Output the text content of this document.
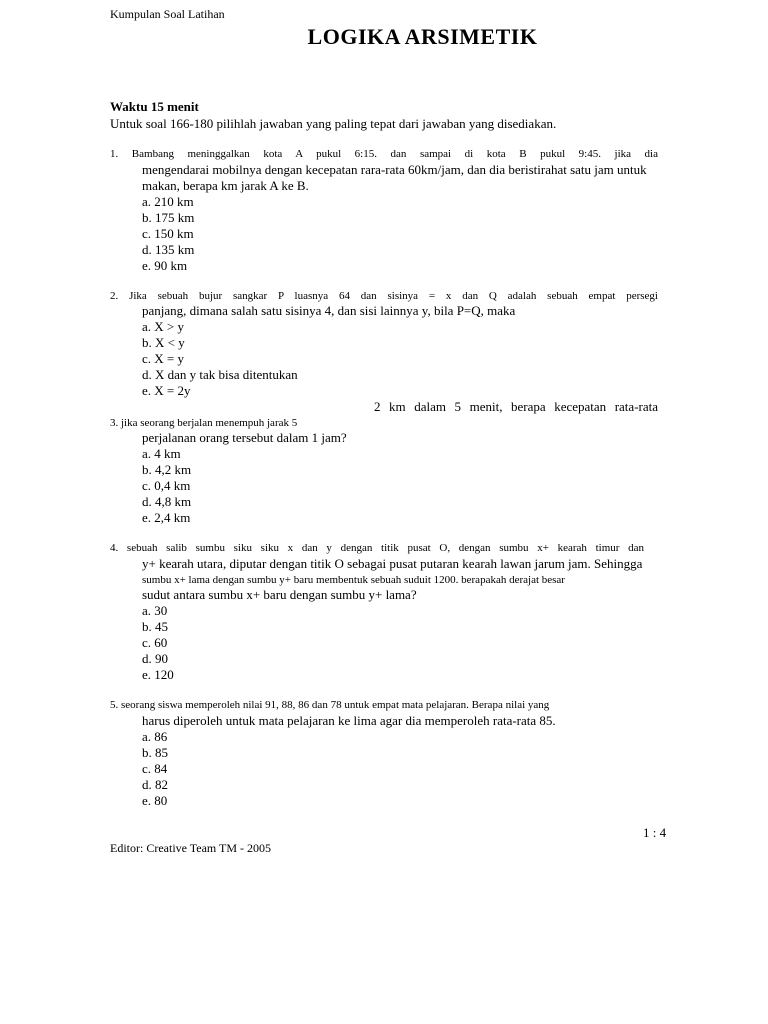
Kumpulan Soal Latihan
LOGIKA ARSIMETIK
Waktu 15 menit
Untuk soal 166-180 pilihlah jawaban yang paling tepat dari jawaban yang disediakan.
1. Bambang meninggalkan kota A pukul 6:15. dan sampai di kota B pukul 9:45. jika dia
mengendarai mobilnya dengan kecepatan rara-rata 60km/jam, dan dia beristirahat satu jam untuk
makan, berapa km jarak A ke B.
a. 210 km
b. 175 km
c. 150 km
d. 135 km
e. 90 km
2. Jika sebuah bujur sangkar P luasnya 64 dan sisinya = x dan Q adalah sebuah empat persegi
panjang, dimana salah satu sisinya 4, dan sisi lainnya y, bila P=Q, maka
a. X > y
b. X < y
c. X = y
d. X dan y tak bisa ditentukan
e. X = 2y
2 km dalam 5 menit, berapa kecepatan rata-rata
3. jika seorang berjalan menempuh jarak 5
perjalanan orang tersebut dalam 1 jam?
a. 4 km
b. 4,2 km
c. 0,4 km
d. 4,8 km
e. 2,4 km
4. sebuah salib sumbu siku siku x dan y dengan titik pusat O, dengan sumbu x+ kearah timur dan
y+ kearah utara, diputar dengan titik O sebagai pusat putaran kearah lawan jarum jam. Sehingga
sumbu x+ lama dengan sumbu y+ baru membentuk sebuah suduit 1200. berapakah derajat besar
sudut antara sumbu x+ baru dengan sumbu y+ lama?
a. 30
b. 45
c. 60
d. 90
e. 120
5. seorang siswa memperoleh nilai 91, 88, 86 dan 78 untuk empat mata pelajaran. Berapa nilai yang
harus diperoleh untuk mata pelajaran ke lima agar dia memperoleh rata-rata 85.
a. 86
b. 85
c. 84
d. 82
e. 80
1 : 4
Editor: Creative Team TM - 2005
